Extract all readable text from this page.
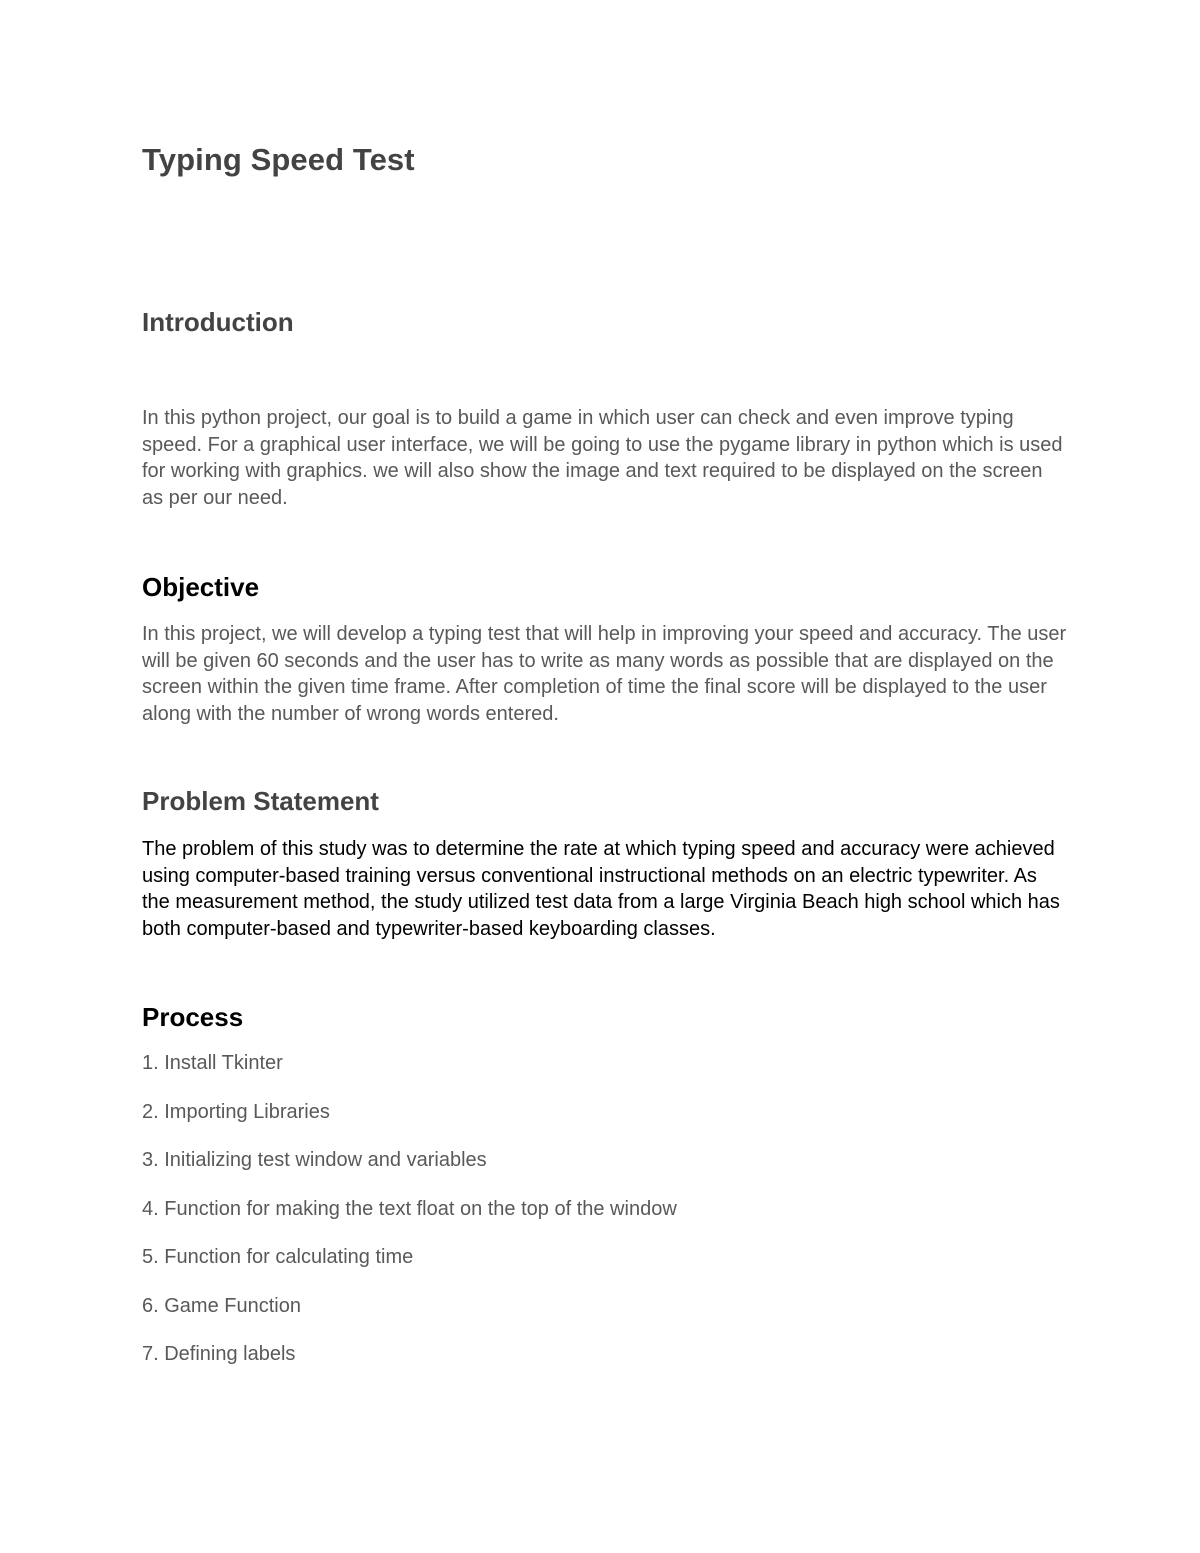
Typing Speed Test
Introduction

In this python project, our goal is to build a game in which user can check and even improve typing speed. For a graphical user interface, we will be going to use the pygame library in python which is used for working with graphics. we will also show the image and text required to be displayed on the screen as per our need.

Objective

In this project, we will develop a typing test that will help in improving your speed and accuracy. The user will be given 60 seconds and the user has to write as many words as possible that are displayed on the screen within the given time frame. After completion of time the final score will be displayed to the user along with the number of wrong words entered.

Problem Statement

The problem of this study was to determine the rate at which typing speed and accuracy were achieved using computer-based training versus conventional instructional methods on an electric typewriter. As the measurement method, the study utilized test data from a large Virginia Beach high school which has both computer-based and typewriter-based keyboarding classes.

Process
1. Install Tkinter
2. Importing Libraries
3. Initializing test window and variables
4. Function for making the text float on the top of the window
5. Function for calculating time
6. Game Function
7. Defining labels
